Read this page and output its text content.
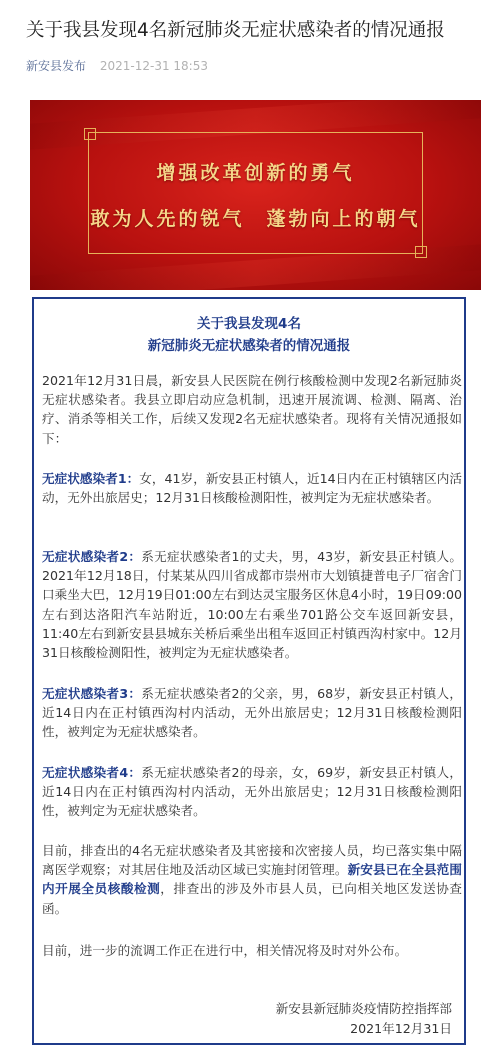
关于我县发现4名新冠肺炎无症状感染者的情况通报
新安县发布 2021-12-31 18:53
增强改革创新的勇气
敢为人先的锐气　蓬勃向上的朝气
关于我县发现4名
新冠肺炎无症状感染者的情况通报

2021年12月31日晨，新安县人民医院在例行核酸检测中发现2名新冠肺炎无症状感染者。我县立即启动应急机制，迅速开展流调、检测、隔离、治疗、消杀等相关工作，后续又发现2名无症状感染者。现将有关情况通报如下：

无症状感染者1：女，41岁，新安县正村镇人，近14日内在正村镇辖区内活动，无外出旅居史；12月31日核酸检测阳性，被判定为无症状感染者。

无症状感染者2：系无症状感染者1的丈夫，男，43岁，新安县正村镇人。2021年12月18日，付某某从四川省成都市崇州市大划镇捷普电子厂宿舍门口乘坐大巴，12月19日01:00左右到达灵宝服务区休息4小时，19日09:00左右到达洛阳汽车站附近，10:00左右乘坐701路公交车返回新安县，11:40左右到新安县县城东关桥后乘坐出租车返回正村镇西沟村家中。12月31日核酸检测阳性，被判定为无症状感染者。

无症状感染者3：系无症状感染者2的父亲，男，68岁，新安县正村镇人，近14日内在正村镇西沟村内活动，无外出旅居史；12月31日核酸检测阳性，被判定为无症状感染者。

无症状感染者4：系无症状感染者2的母亲，女，69岁，新安县正村镇人，近14日内在正村镇西沟村内活动，无外出旅居史；12月31日核酸检测阳性，被判定为无症状感染者。

目前，排查出的4名无症状感染者及其密接和次密接人员，均已落实集中隔离医学观察；对其居住地及活动区域已实施封闭管理。新安县已在全县范围内开展全员核酸检测，排查出的涉及外市县人员，已向相关地区发送协查函。

目前，进一步的流调工作正在进行中，相关情况将及时对外公布。

新安县新冠肺炎疫情防控指挥部
2021年12月31日
